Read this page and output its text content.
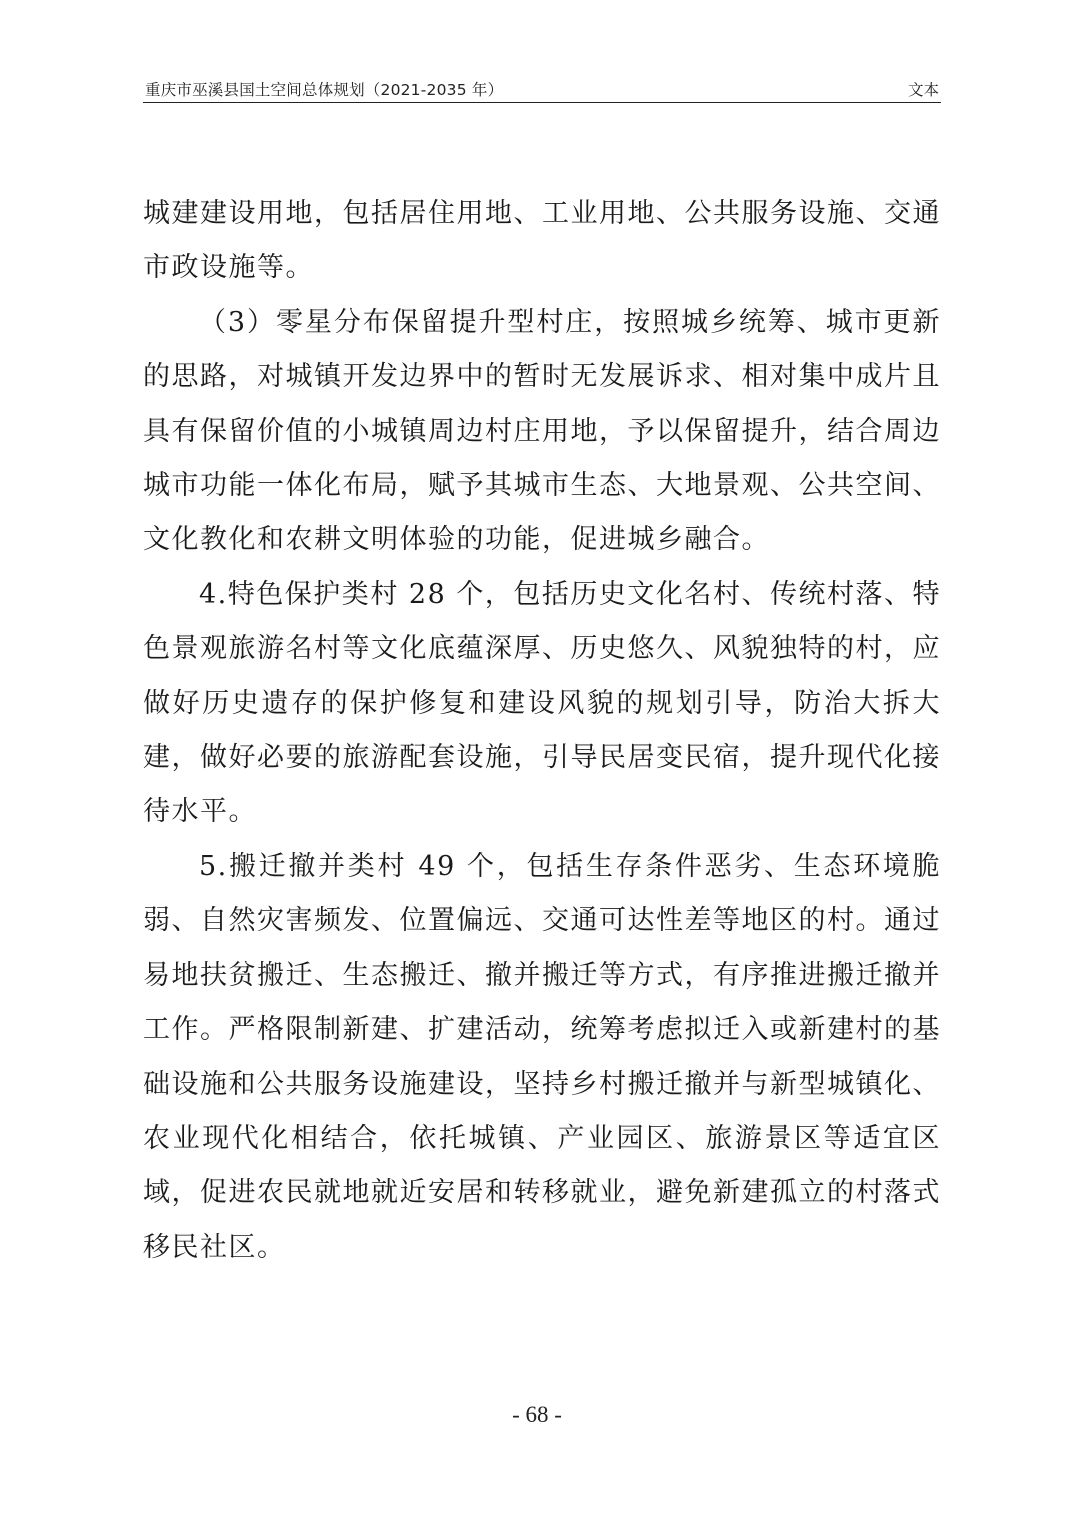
重庆市巫溪县国土空间总体规划（2021-2035 年）	文本

城建建设用地，包括居住用地、工业用地、公共服务设施、交通市政设施等。

（3）零星分布保留提升型村庄，按照城乡统筹、城市更新的思路，对城镇开发边界中的暂时无发展诉求、相对集中成片且具有保留价值的小城镇周边村庄用地，予以保留提升，结合周边城市功能一体化布局，赋予其城市生态、大地景观、公共空间、文化教化和农耕文明体验的功能，促进城乡融合。

4.特色保护类村 28 个，包括历史文化名村、传统村落、特色景观旅游名村等文化底蕴深厚、历史悠久、风貌独特的村，应做好历史遗存的保护修复和建设风貌的规划引导，防治大拆大建，做好必要的旅游配套设施，引导民居变民宿，提升现代化接待水平。

5.搬迁撤并类村 49 个，包括生存条件恶劣、生态环境脆弱、自然灾害频发、位置偏远、交通可达性差等地区的村。通过易地扶贫搬迁、生态搬迁、撤并搬迁等方式，有序推进搬迁撤并工作。严格限制新建、扩建活动，统筹考虑拟迁入或新建村的基础设施和公共服务设施建设，坚持乡村搬迁撤并与新型城镇化、农业现代化相结合，依托城镇、产业园区、旅游景区等适宜区域，促进农民就地就近安居和转移就业，避免新建孤立的村落式移民社区。

- 68 -
